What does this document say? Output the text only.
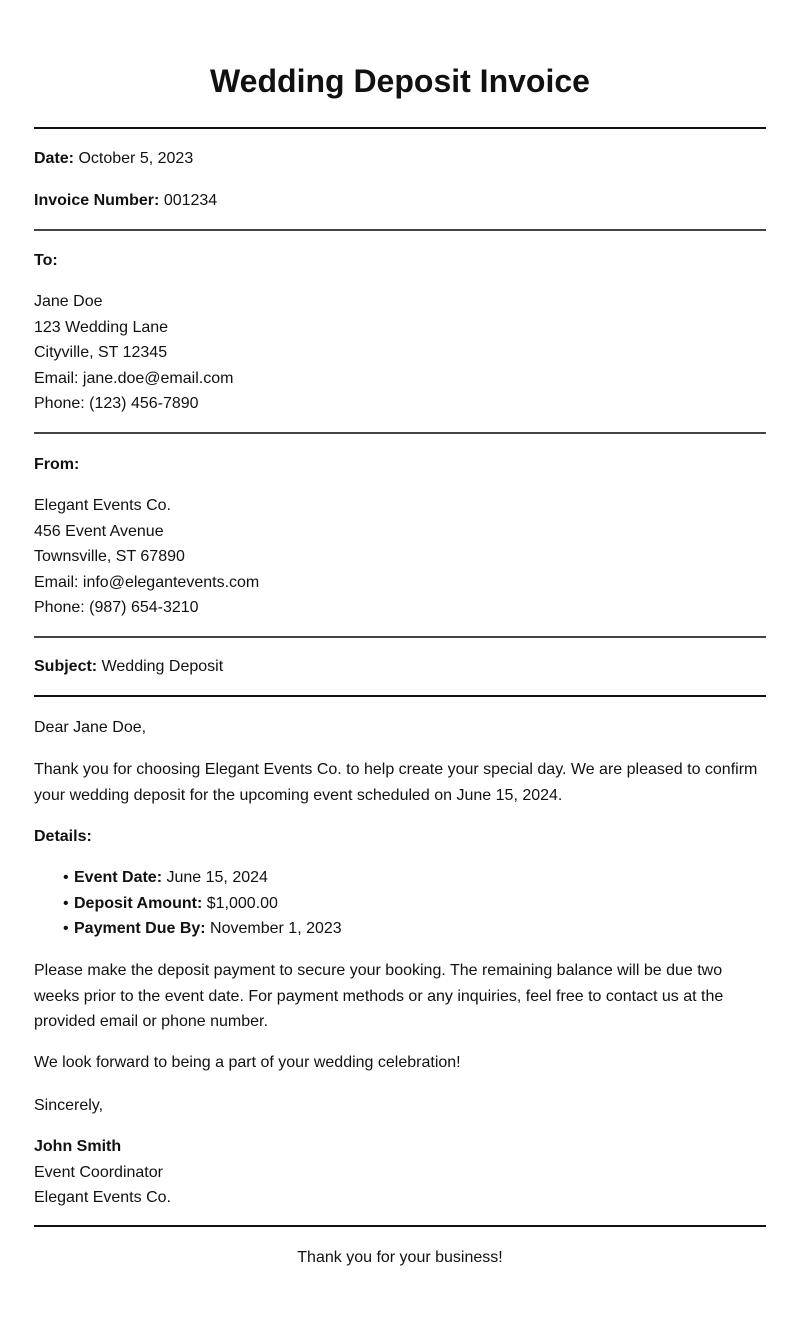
Wedding Deposit Invoice
Date: October 5, 2023
Invoice Number: 001234
To:
Jane Doe
123 Wedding Lane
Cityville, ST 12345
Email: jane.doe@email.com
Phone: (123) 456-7890
From:
Elegant Events Co.
456 Event Avenue
Townsville, ST 67890
Email: info@elegantevents.com
Phone: (987) 654-3210
Subject: Wedding Deposit
Dear Jane Doe,
Thank you for choosing Elegant Events Co. to help create your special day. We are pleased to confirm your wedding deposit for the upcoming event scheduled on June 15, 2024.
Details:
• Event Date: June 15, 2024
• Deposit Amount: $1,000.00
• Payment Due By: November 1, 2023
Please make the deposit payment to secure your booking. The remaining balance will be due two weeks prior to the event date. For payment methods or any inquiries, feel free to contact us at the provided email or phone number.
We look forward to being a part of your wedding celebration!
Sincerely,
John Smith
Event Coordinator
Elegant Events Co.
Thank you for your business!
